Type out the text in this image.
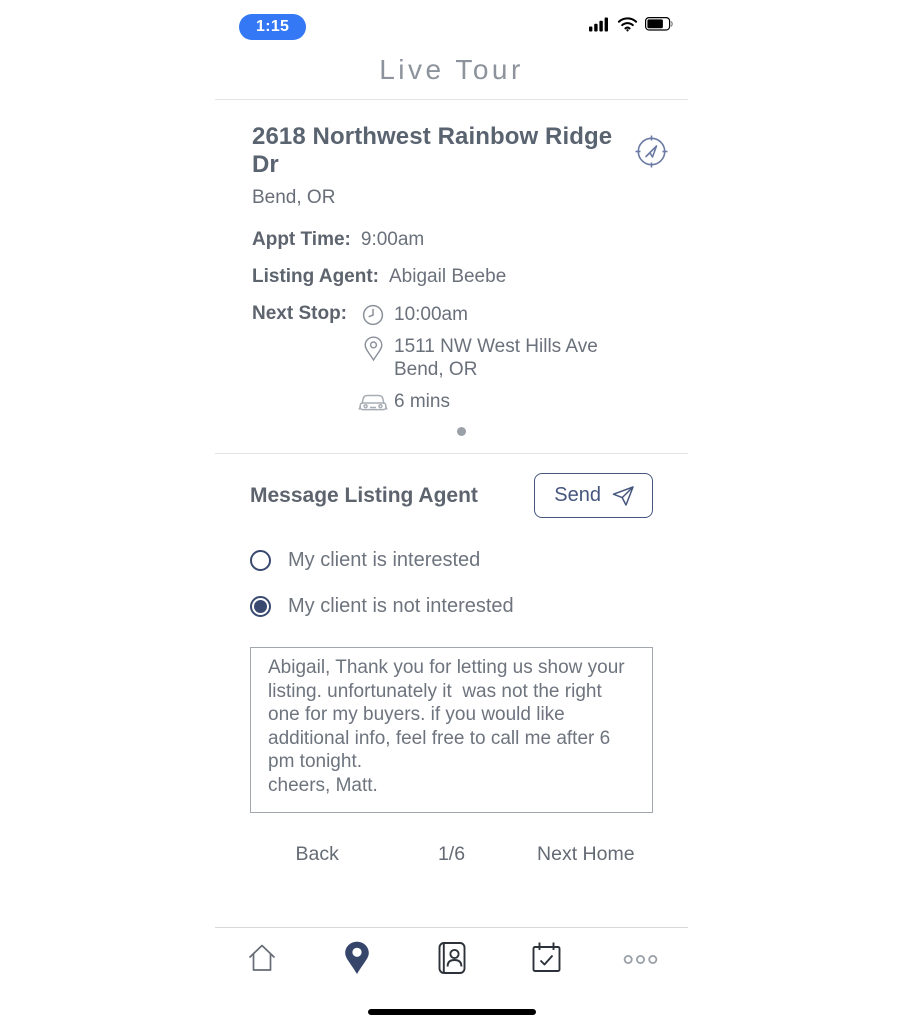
1:15
Live Tour
2618 Northwest Rainbow Ridge Dr
Bend, OR
Appt Time: 9:00am
Listing Agent: Abigail Beebe
Next Stop: 10:00am
1511 NW West Hills Ave
Bend, OR
6 mins
Message Listing Agent	Send
My client is interested
My client is not interested
Abigail, Thank you for letting us show your listing. unfortunately it was not the right one for my buyers. if you would like additional info, feel free to call me after 6 pm tonight. cheers, Matt.
Back	1/6	Next Home
